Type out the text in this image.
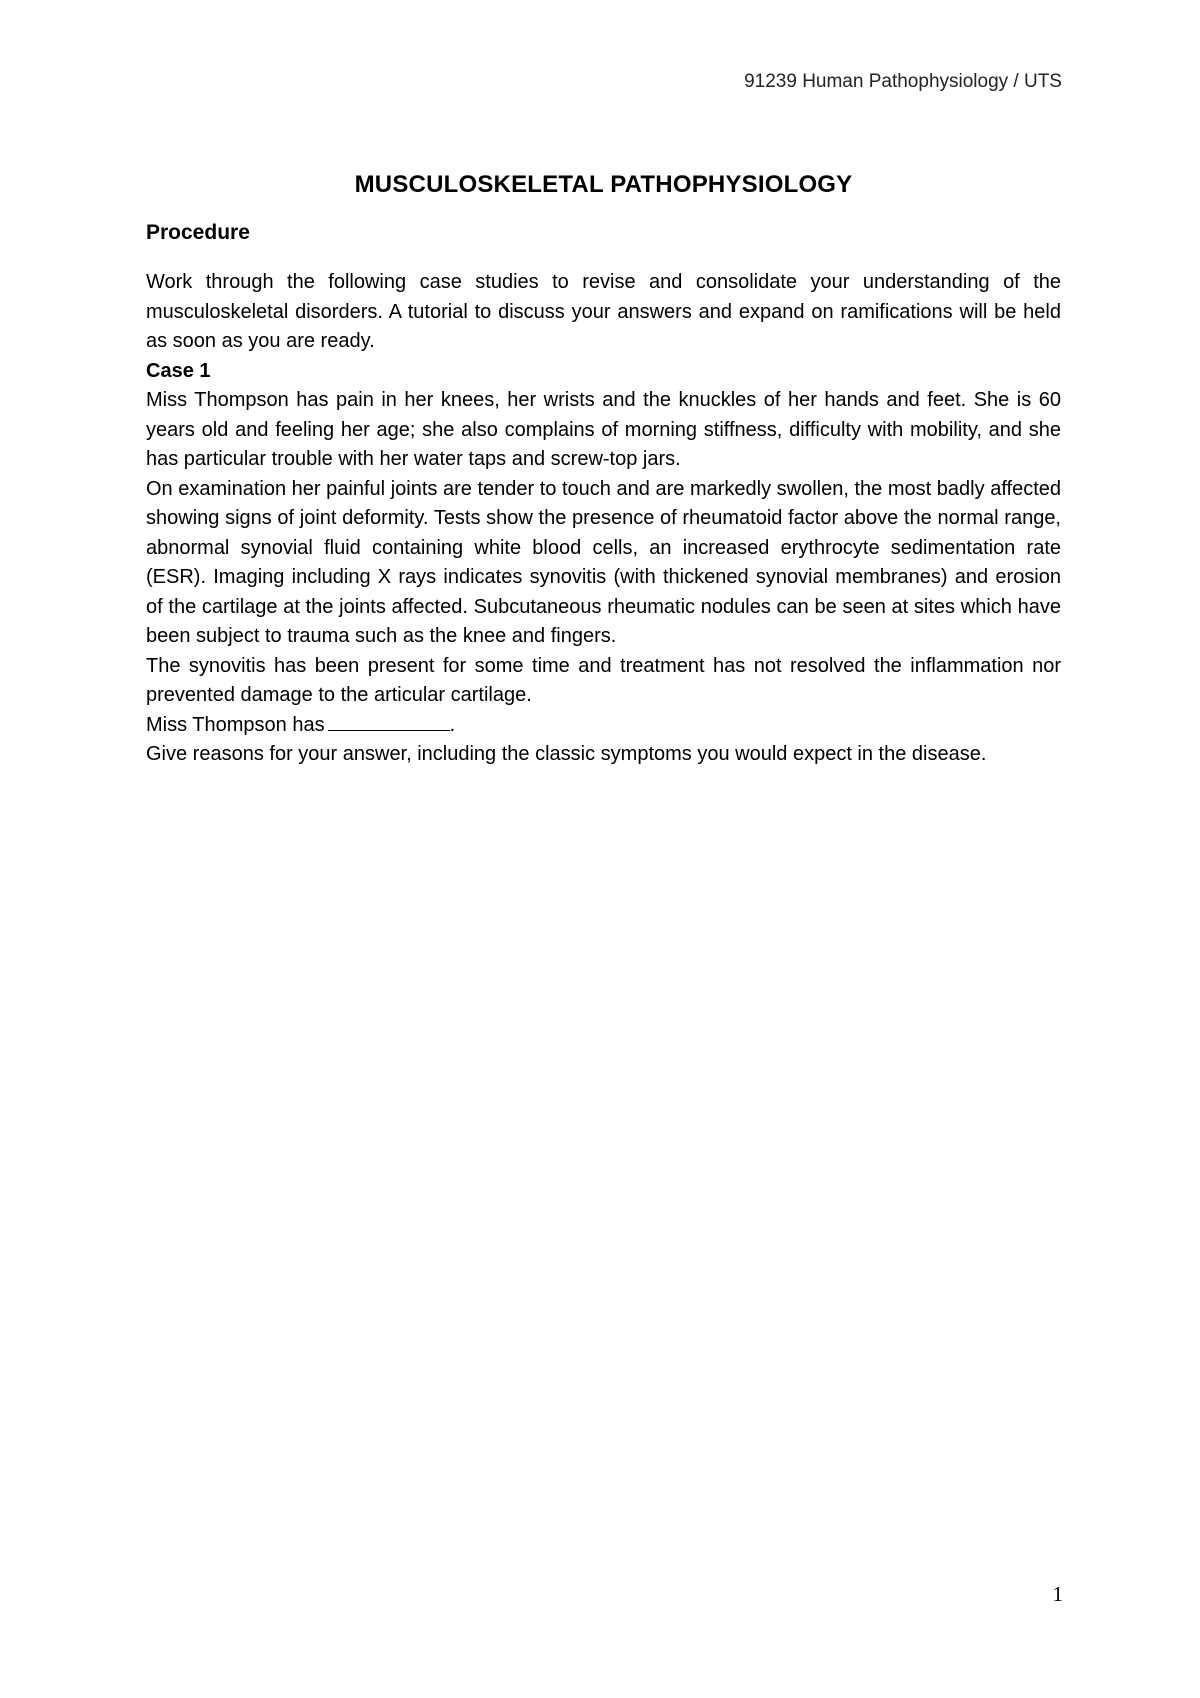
91239 Human Pathophysiology / UTS
MUSCULOSKELETAL PATHOPHYSIOLOGY
Procedure

Work through the following case studies to revise and consolidate your understanding of the musculoskeletal disorders. A tutorial to discuss your answers and expand on ramifications will be held as soon as you are ready.

Case 1

Miss Thompson has pain in her knees, her wrists and the knuckles of her hands and feet. She is 60 years old and feeling her age; she also complains of morning stiffness, difficulty with mobility, and she has particular trouble with her water taps and screw-top jars.

On examination her painful joints are tender to touch and are markedly swollen, the most badly affected showing signs of joint deformity. Tests show the presence of rheumatoid factor above the normal range, abnormal synovial fluid containing white blood cells, an increased erythrocyte sedimentation rate (ESR). Imaging including X rays indicates synovitis (with thickened synovial membranes) and erosion of the cartilage at the joints affected. Subcutaneous rheumatic nodules can be seen at sites which have been subject to trauma such as the knee and fingers.

The synovitis has been present for some time and treatment has not resolved the inflammation nor prevented damage to the articular cartilage.

Miss Thompson has	.

Give reasons for your answer, including the classic symptoms you would expect in the disease.

1
